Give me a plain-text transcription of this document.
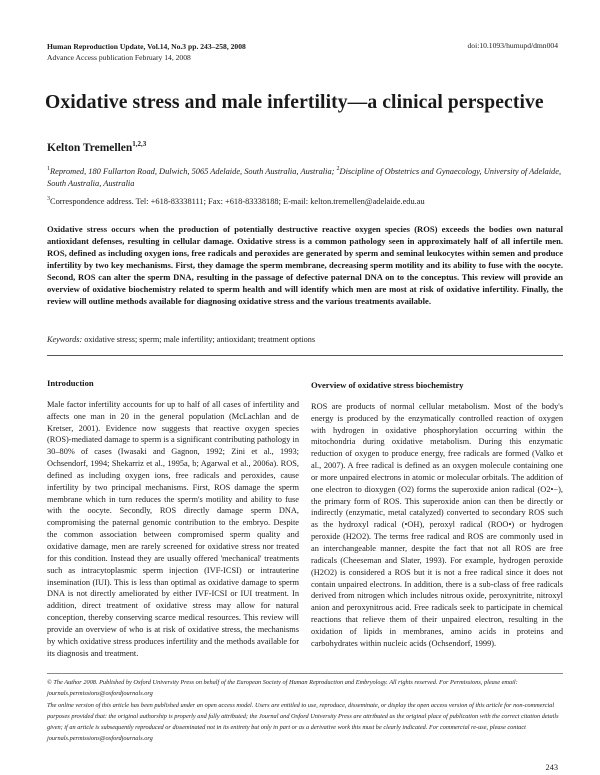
Human Reproduction Update, Vol.14, No.3 pp. 243–258, 2008
Advance Access publication February 14, 2008
doi:10.1093/humupd/dmn004
Oxidative stress and male infertility—a clinical perspective
Kelton Tremellen$^{1,2,3}$
$^1$Repromed, 180 Fullarton Road, Dulwich, 5065 Adelaide, South Australia, Australia; $^2$Discipline of Obstetrics and Gynaecology, University of Adelaide, South Australia, Australia
$^3$Correspondence address. Tel: +618-83338111; Fax: +618-83338188; E-mail: kelton.tremellen@adelaide.edu.au
Oxidative stress occurs when the production of potentially destructive reactive oxygen species (ROS) exceeds the bodies own natural antioxidant defenses, resulting in cellular damage. Oxidative stress is a common pathology seen in approximately half of all infertile men. ROS, defined as including oxygen ions, free radicals and peroxides are generated by sperm and seminal leukocytes within semen and produce infertility by two key mechanisms. First, they damage the sperm membrane, decreasing sperm motility and its ability to fuse with the oocyte. Second, ROS can alter the sperm DNA, resulting in the passage of defective paternal DNA on to the conceptus. This review will provide an overview of oxidative biochemistry related to sperm health and will identify which men are most at risk of oxidative infertility. Finally, the review will outline methods available for diagnosing oxidative stress and the various treatments available.
Keywords: oxidative stress; sperm; male infertility; antioxidant; treatment options
Introduction
Male factor infertility accounts for up to half of all cases of infertility and affects one man in 20 in the general population (McLachlan and de Kretser, 2001). Evidence now suggests that reactive oxygen species (ROS)-mediated damage to sperm is a significant contributing pathology in 30–80% of cases (Iwasaki and Gagnon, 1992; Zini et al., 1993; Ochsendorf, 1994; Shekarriz et al., 1995a, b; Agarwal et al., 2006a). ROS, defined as including oxygen ions, free radicals and peroxides, cause infertility by two principal mechanisms. First, ROS damage the sperm membrane which in turn reduces the sperm's motility and ability to fuse with the oocyte. Secondly, ROS directly damage sperm DNA, compromising the paternal genomic contribution to the embryo. Despite the common association between compromised sperm quality and oxidative damage, men are rarely screened for oxidative stress nor treated for this condition. Instead they are usually offered 'mechanical' treatments such as intracytoplasmic sperm injection (IVF-ICSI) or intrauterine insemination (IUI). This is less than optimal as oxidative damage to sperm DNA is not directly ameliorated by either IVF-ICSI or IUI treatment. In addition, direct treatment of oxidative stress may allow for natural conception, thereby conserving scarce medical resources. This review will provide an overview of who is at risk of oxidative stress, the mechanisms by which oxidative stress produces infertility and the methods available for its diagnosis and treatment.
Overview of oxidative stress biochemistry
ROS are products of normal cellular metabolism. Most of the body's energy is produced by the enzymatically controlled reaction of oxygen with hydrogen in oxidative phosphorylation occurring within the mitochondria during oxidative metabolism. During this enzymatic reduction of oxygen to produce energy, free radicals are formed (Valko et al., 2007). A free radical is defined as an oxygen molecule containing one or more unpaired electrons in atomic or molecular orbitals. The addition of one electron to dioxygen (O2) forms the superoxide anion radical (O2•−), the primary form of ROS. This superoxide anion can then be directly or indirectly (enzymatic, metal catalyzed) converted to secondary ROS such as the hydroxyl radical (•OH), peroxyl radical (ROO•) or hydrogen peroxide (H2O2). The terms free radical and ROS are commonly used in an interchangeable manner, despite the fact that not all ROS are free radicals (Cheeseman and Slater, 1993). For example, hydrogen peroxide (H2O2) is considered a ROS but it is not a free radical since it does not contain unpaired electrons. In addition, there is a sub-class of free radicals derived from nitrogen which includes nitrous oxide, peroxynitrite, nitroxyl anion and peroxynitrous acid. Free radicals seek to participate in chemical reactions that relieve them of their unpaired electron, resulting in the oxidation of lipids in membranes, amino acids in proteins and carbohydrates within nucleic acids (Ochsendorf, 1999).
© The Author 2008. Published by Oxford University Press on behalf of the European Society of Human Reproduction and Embryology. All rights reserved. For Permissions, please email: journals.permissions@oxfordjournals.org
The online version of this article has been published under an open access model. Users are entitled to use, reproduce, disseminate, or display the open access version of this article for non-commercial purposes provided that: the original authorship is properly and fully attributed; the Journal and Oxford University Press are attributed as the original place of publication with the correct citation details given; if an article is subsequently reproduced or disseminated not in its entirety but only in part or as a derivative work this must be clearly indicated. For commercial re-use, please contact journals.permissions@oxfordjournals.org
243
